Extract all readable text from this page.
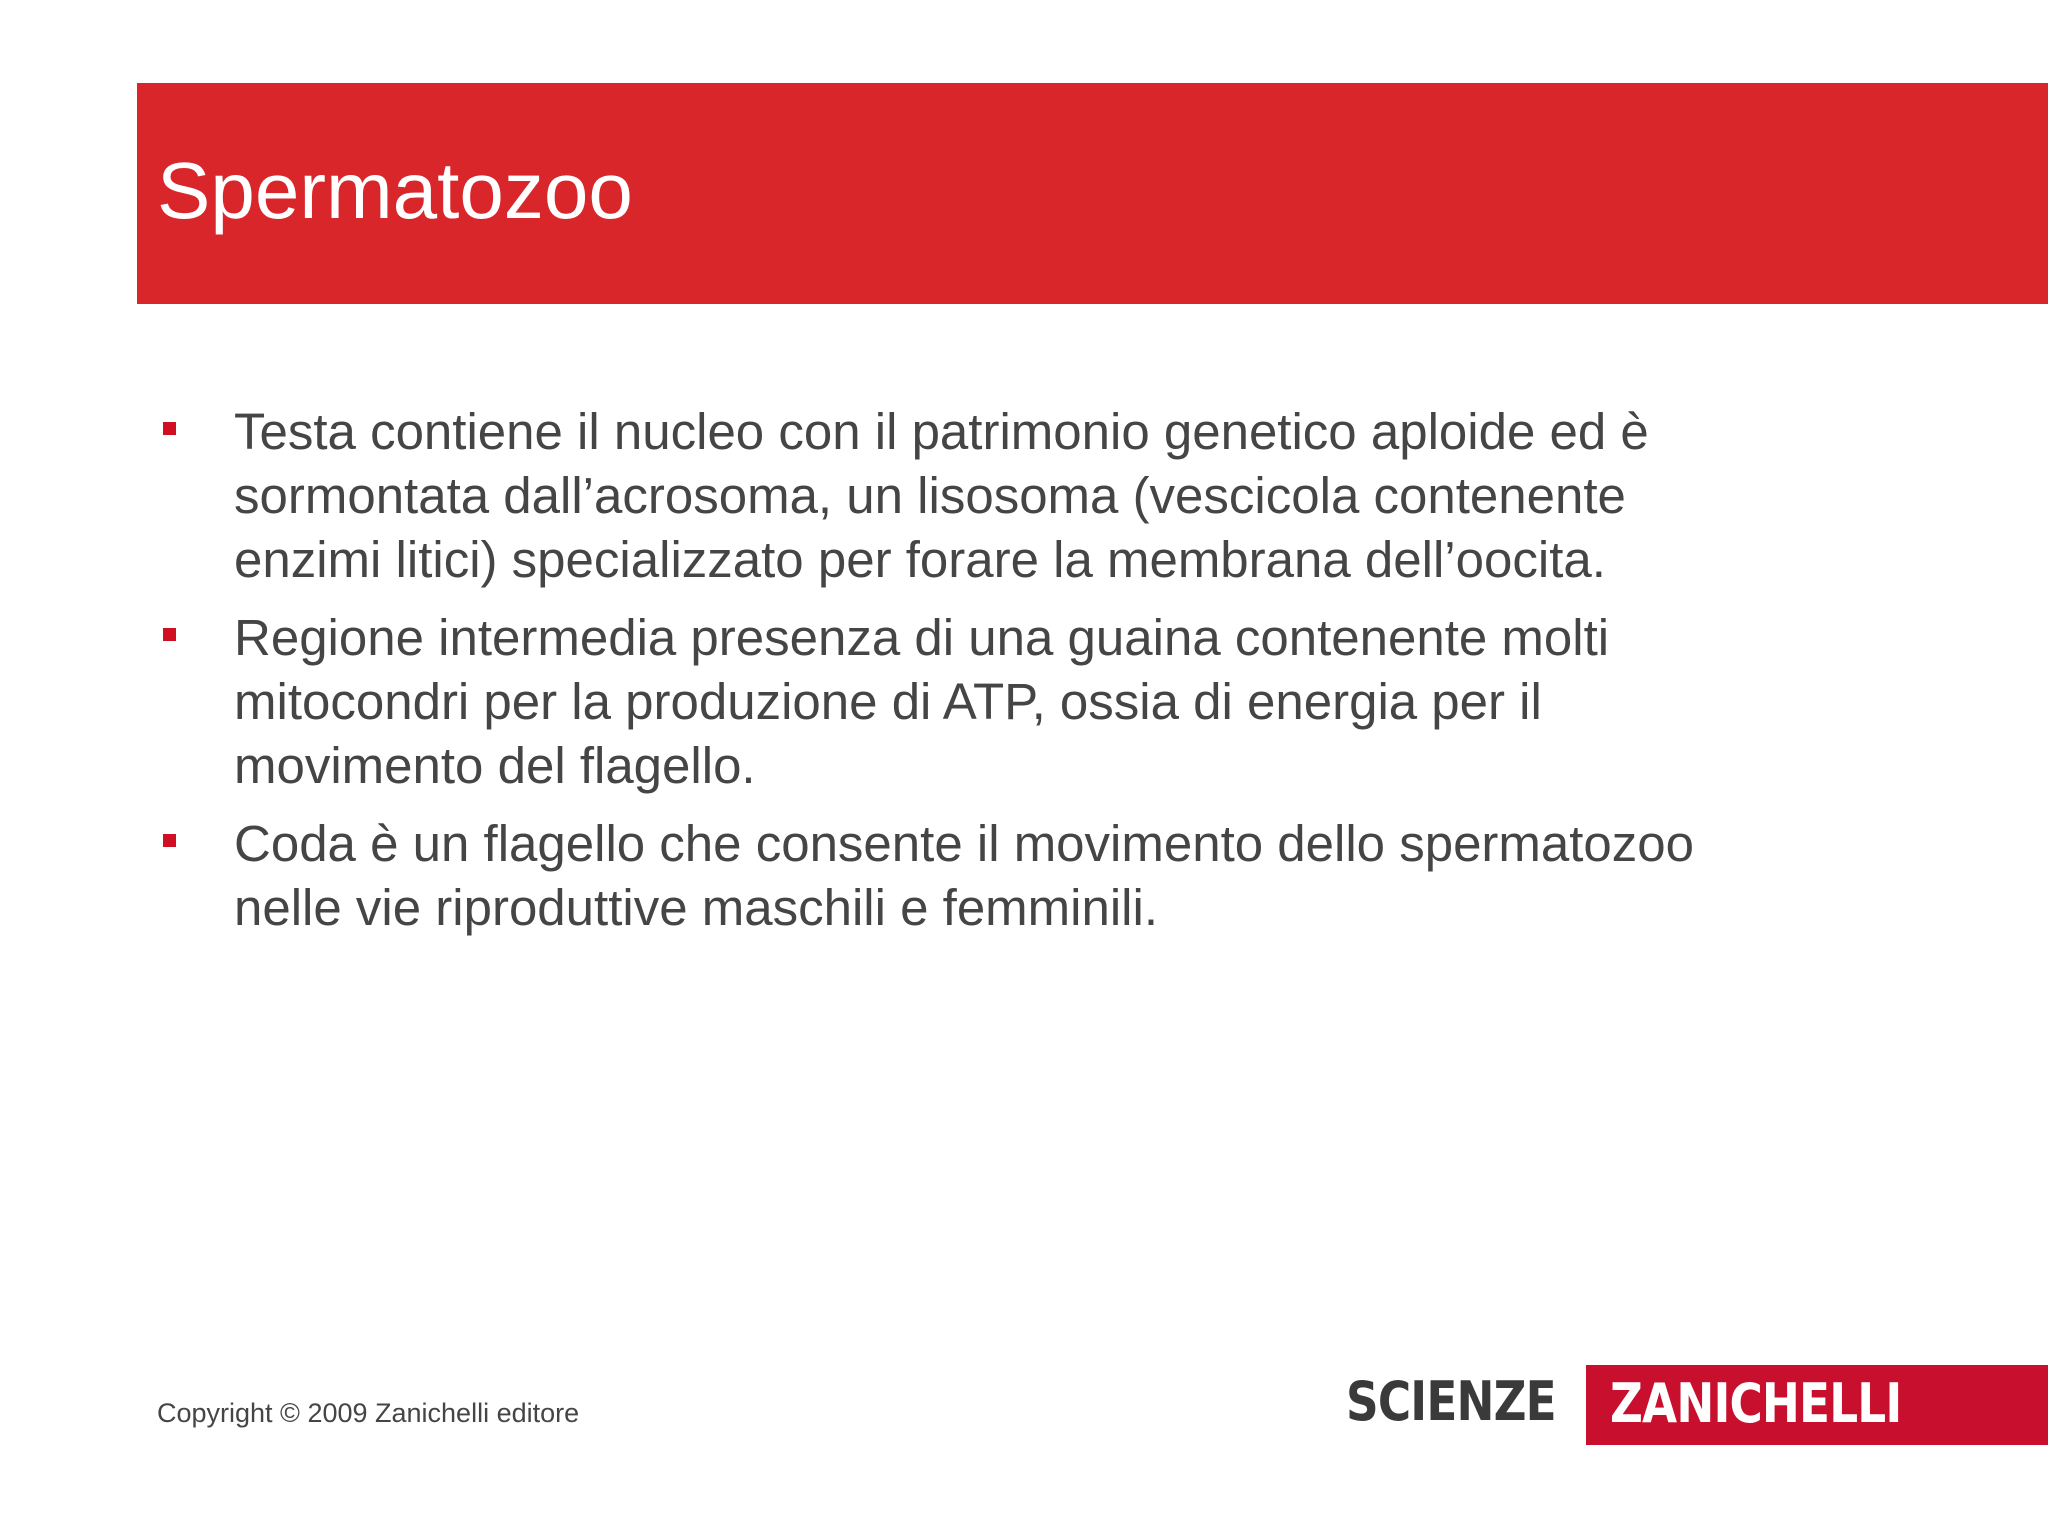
Spermatozoo
Testa contiene il nucleo con il patrimonio genetico aploide ed è
sormontata dall’acrosoma, un lisosoma (vescicola contenente
enzimi litici) specializzato per forare la membrana dell’oocita.
Regione intermedia presenza di una guaina contenente molti
mitocondri per la produzione di ATP, ossia di energia per il
movimento del flagello.
Coda è un flagello che consente il movimento dello spermatozoo
nelle vie riproduttive maschili e femminili.
Copyright © 2009 Zanichelli editore	SCIENZE ZANICHELLI
